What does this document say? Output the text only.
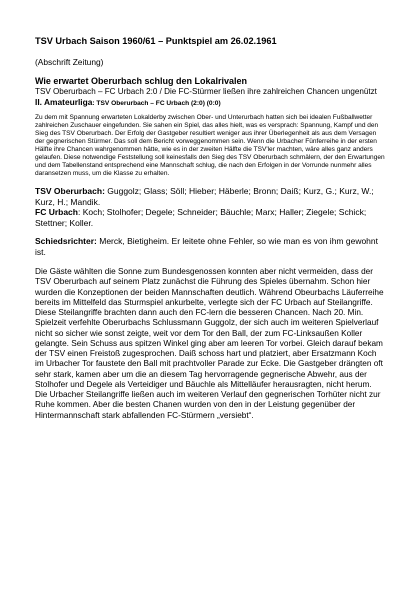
TSV Urbach Saison 1960/61 – Punktspiel am 26.02.1961

(Abschrift Zeitung)

Wie erwartet Oberurbach schlug den Lokalrivalen

TSV Oberurbach – FC Urbach 2:0 / Die FC-Stürmer ließen ihre zahlreichen Chancen ungenützt

II. Amateurliga: TSV Oberurbach – FC Urbach (2:0) (0:0)

Zu dem mit Spannung erwarteten Lokalderby zwischen Ober- und Unterurbach hatten sich bei idealen Fußballwetter zahlreichen Zuschauer eingefunden. Sie sahen ein Spiel, das alles hielt, was es versprach: Spannung, Kampf und den Sieg des TSV Oberurbach. Der Erfolg der Gastgeber resultiert weniger aus ihrer Überlegenheit als aus dem Versagen der gegnerischen Stürmer. Das soll dem Bericht vorweggenommen sein. Wenn die Urbacher Fünferreihe in der ersten Hälfte ihre Chancen wahrgenommen hätte, wie es in der zweiten Hälfte die TSV'ler machten, wäre alles ganz anders gelaufen. Diese notwendige Feststellung soll keinesfalls den Sieg des TSV Oberurbach schmälern, der den Erwartungen und dem Tabellenstand entsprechend eine Mannschaft schlug, die nach den Erfolgen in der Vorrunde nunmehr alles daransetzen muss, um die Klasse zu erhalten.

TSV Oberurbach: Guggolz; Glass; Söll; Hieber; Häberle; Bronn; Daiß; Kurz, G.; Kurz, W.; Kurz, H.; Mandik.

FC Urbach: Koch; Stolhofer; Degele; Schneider; Bäuchle; Marx; Haller; Ziegele; Schick; Stettner; Koller.

Schiedsrichter: Merck, Bietigheim. Er leitete ohne Fehler, so wie man es von ihm gewohnt ist.

Die Gäste wählten die Sonne zum Bundesgenossen konnten aber nicht vermeiden, dass der TSV Oberurbach auf seinem Platz zunächst die Führung des Spieles übernahm. Schon hier wurden die Konzeptionen der beiden Mannschaften deutlich. Während Obeurbachs Läuferreihe bereits im Mittelfeld das Sturmspiel ankurbelte, verlegte sich der FC Urbach auf Steilangriffe. Diese Steilangriffe brachten dann auch den FC-lern die besseren Chancen. Nach 20. Min. Spielzeit verfehlte Oberurbachs Schlussmann Guggolz, der sich auch im weiteren Spielverlauf nicht so sicher wie sonst zeigte, weit vor dem Tor den Ball, der zum FC-Linksaußen Koller gelangte. Sein Schuss aus spitzen Winkel ging aber am leeren Tor vorbei. Gleich darauf bekam der TSV einen Freistoß zugesprochen. Daiß schoss hart und platziert, aber Ersatzmann Koch im Urbacher Tor faustete den Ball mit prachtvoller Parade zur Ecke. Die Gastgeber drängten oft sehr stark, kamen aber um die an diesem Tag hervorragende gegnerische Abwehr, aus der Stolhofer und Degele als Verteidiger und Bäuchle als Mittelläufer herausragten, nicht herum. Die Urbacher Steilangriffe ließen auch im weiteren Verlauf den gegnerischen Torhüter nicht zur Ruhe kommen. Aber die besten Chanen wurden von den in der Leistung gegenüber der Hintermannschaft stark abfallenden FC-Stürmern „versiebt“.
